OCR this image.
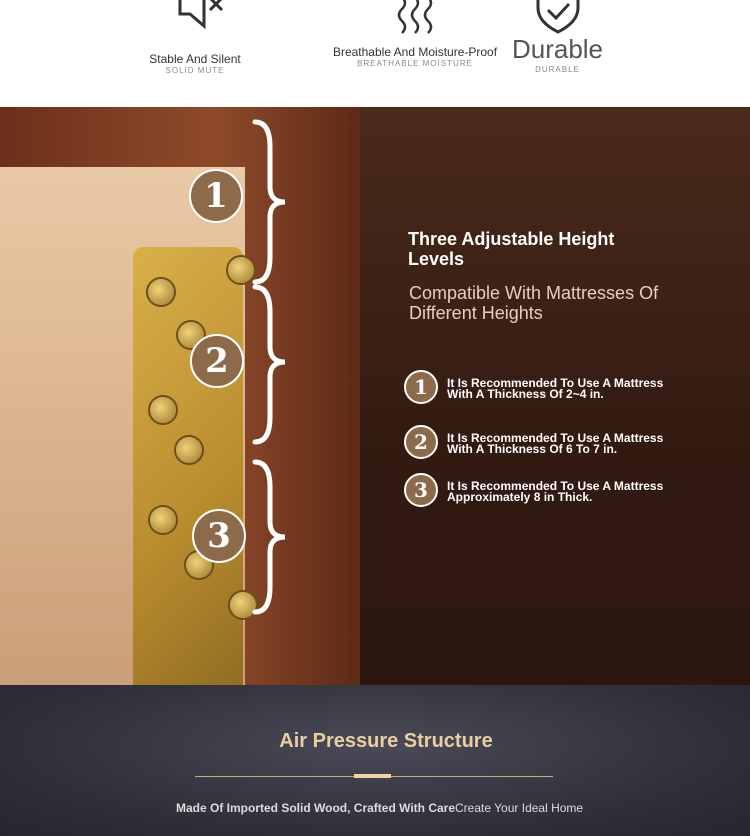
Stable And Silent
SOLID MUTE
Breathable And Moisture-Proof
BREATHABLE MOISTURE	Durable
DURABLE
1
2
3
Three Adjustable Height Levels
Compatible With Mattresses Of Different Heights
1	It Is Recommended To Use A Mattress With A Thickness Of 2~4 in.
2	It Is Recommended To Use A Mattress With A Thickness Of 6 To 7 in.
3	It Is Recommended To Use A Mattress Approximately 8 in Thick.
Air Pressure Structure
Made Of Imported Solid Wood, Crafted With CareCreate Your Ideal Home
